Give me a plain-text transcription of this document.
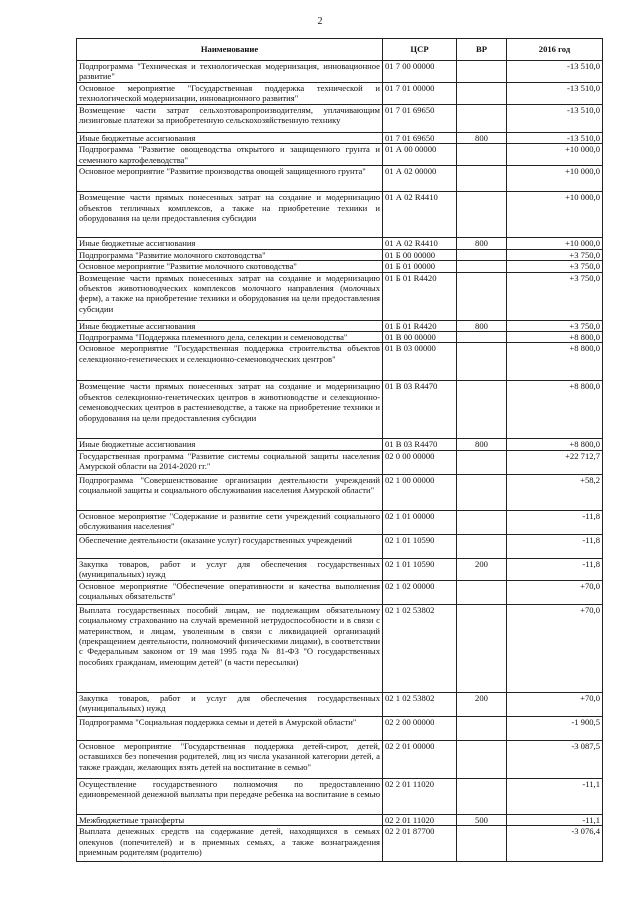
2
Наименование	ЦСР	ВР	2016 год
Подпрограмма "Техническая и технологическая модернизация, инновационное развитие"	01 7 00 00000		-13 510,0
Основное мероприятие "Государственная поддержка технической и технологической модернизации, инновационного развития"	01 7 01 00000		-13 510,0
Возмещение части затрат сельхозтоваропроизводителям, уплачивающим лизинговые платежи за приобретенную сельскохозяйственную технику	01 7 01 69650		-13 510,0
Иные бюджетные ассигнования	01 7 01 69650	800	-13 510,0
Подпрограмма "Развитие овощеводства открытого и защищенного грунта и семенного картофелеводства"	01 А 00 00000		+10 000,0
Основное мероприятие "Развитие производства овощей защищенного грунта"	01 А 02 00000		+10 000,0
Возмещение части прямых понесенных затрат на создание и модернизацию объектов тепличных комплексов, а также на приобретение техники и оборудования на цели предоставления субсидии	01 А 02 R4410		+10 000,0
Иные бюджетные ассигнования	01 А 02 R4410	800	+10 000,0
Подпрограмма "Развитие молочного скотоводства"	01 Б 00 00000		+3 750,0
Основное мероприятие "Развитие молочного скотоводства"	01 Б 01 00000		+3 750,0
Возмещение части прямых понесенных затрат на создание и модернизацию объектов животноводческих комплексов молочного направления (молочных ферм), а также на приобретение техники и оборудования на цели предоставления субсидии	01 Б 01 R4420		+3 750,0
Иные бюджетные ассигнования	01 Б 01 R4420	800	+3 750,0
Подпрограмма "Поддержка племенного дела, селекции и семеноводства"	01 В 00 00000		+8 800,0
Основное мероприятие "Государственная поддержка строительства объектов селекционно-генетических и селекционно-семеноводческих центров"	01 В 03 00000		+8 800,0
Возмещение части прямых понесенных затрат на создание и модернизацию объектов селекционно-генетических центров в животноводстве и селекционно-семеноводческих центров в растениеводстве, а также на приобретение техники и оборудования на цели предоставления субсидии	01 В 03 R4470		+8 800,0
Иные бюджетные ассигнования	01 В 03 R4470	800	+8 800,0
Государственная программа "Развитие системы социальной защиты населения Амурской области на 2014-2020 гг."	02 0 00 00000		+22 712,7
Подпрограмма "Совершенствование организации деятельности учреждений социальной защиты и социального обслуживания населения Амурской области"	02 1 00 00000		+58,2
Основное мероприятие "Содержание и развитие сети учреждений социального обслуживания населения"	02 1 01 00000		-11,8
Обеспечение деятельности (оказание услуг) государственных учреждений	02 1 01 10590		-11,8
Закупка товаров, работ и услуг для обеспечения государственных (муниципальных) нужд	02 1 01 10590	200	-11,8
Основное мероприятие "Обеспечение оперативности и качества выполнения социальных обязательств"	02 1 02 00000		+70,0
Выплата государственных пособий лицам, не подлежащим обязательному социальному страхованию на случай временной нетрудоспособности и в связи с материнством, и лицам, уволенным в связи с ликвидацией организаций (прекращением деятельности, полномочий физическими лицами), в соответствии с Федеральным законом от 19 мая 1995 года № 81-ФЗ "О государственных пособиях гражданам, имеющим детей" (в части пересылки)	02 1 02 53802		+70,0
Закупка товаров, работ и услуг для обеспечения государственных (муниципальных) нужд	02 1 02 53802	200	+70,0
Подпрограмма "Социальная поддержка семьи и детей в Амурской области"	02 2 00 00000		-1 900,5
Основное мероприятие "Государственная поддержка детей-сирот, детей, оставшихся без попечения родителей, лиц из числа указанной категории детей, а также граждан, желающих взять детей на воспитание в семью"	02 2 01 00000		-3 087,5
Осуществление государственного полномочия по предоставлению единовременной денежной выплаты при передаче ребенка на воспитание в семью	02 2 01 11020		-11,1
Межбюджетные трансферты	02 2 01 11020	500	-11,1
Выплата денежных средств на содержание детей, находящихся в семьях опекунов (попечителей) и в приемных семьях, а также вознаграждения приемным родителям (родителю)	02 2 01 87700		-3 076,4
